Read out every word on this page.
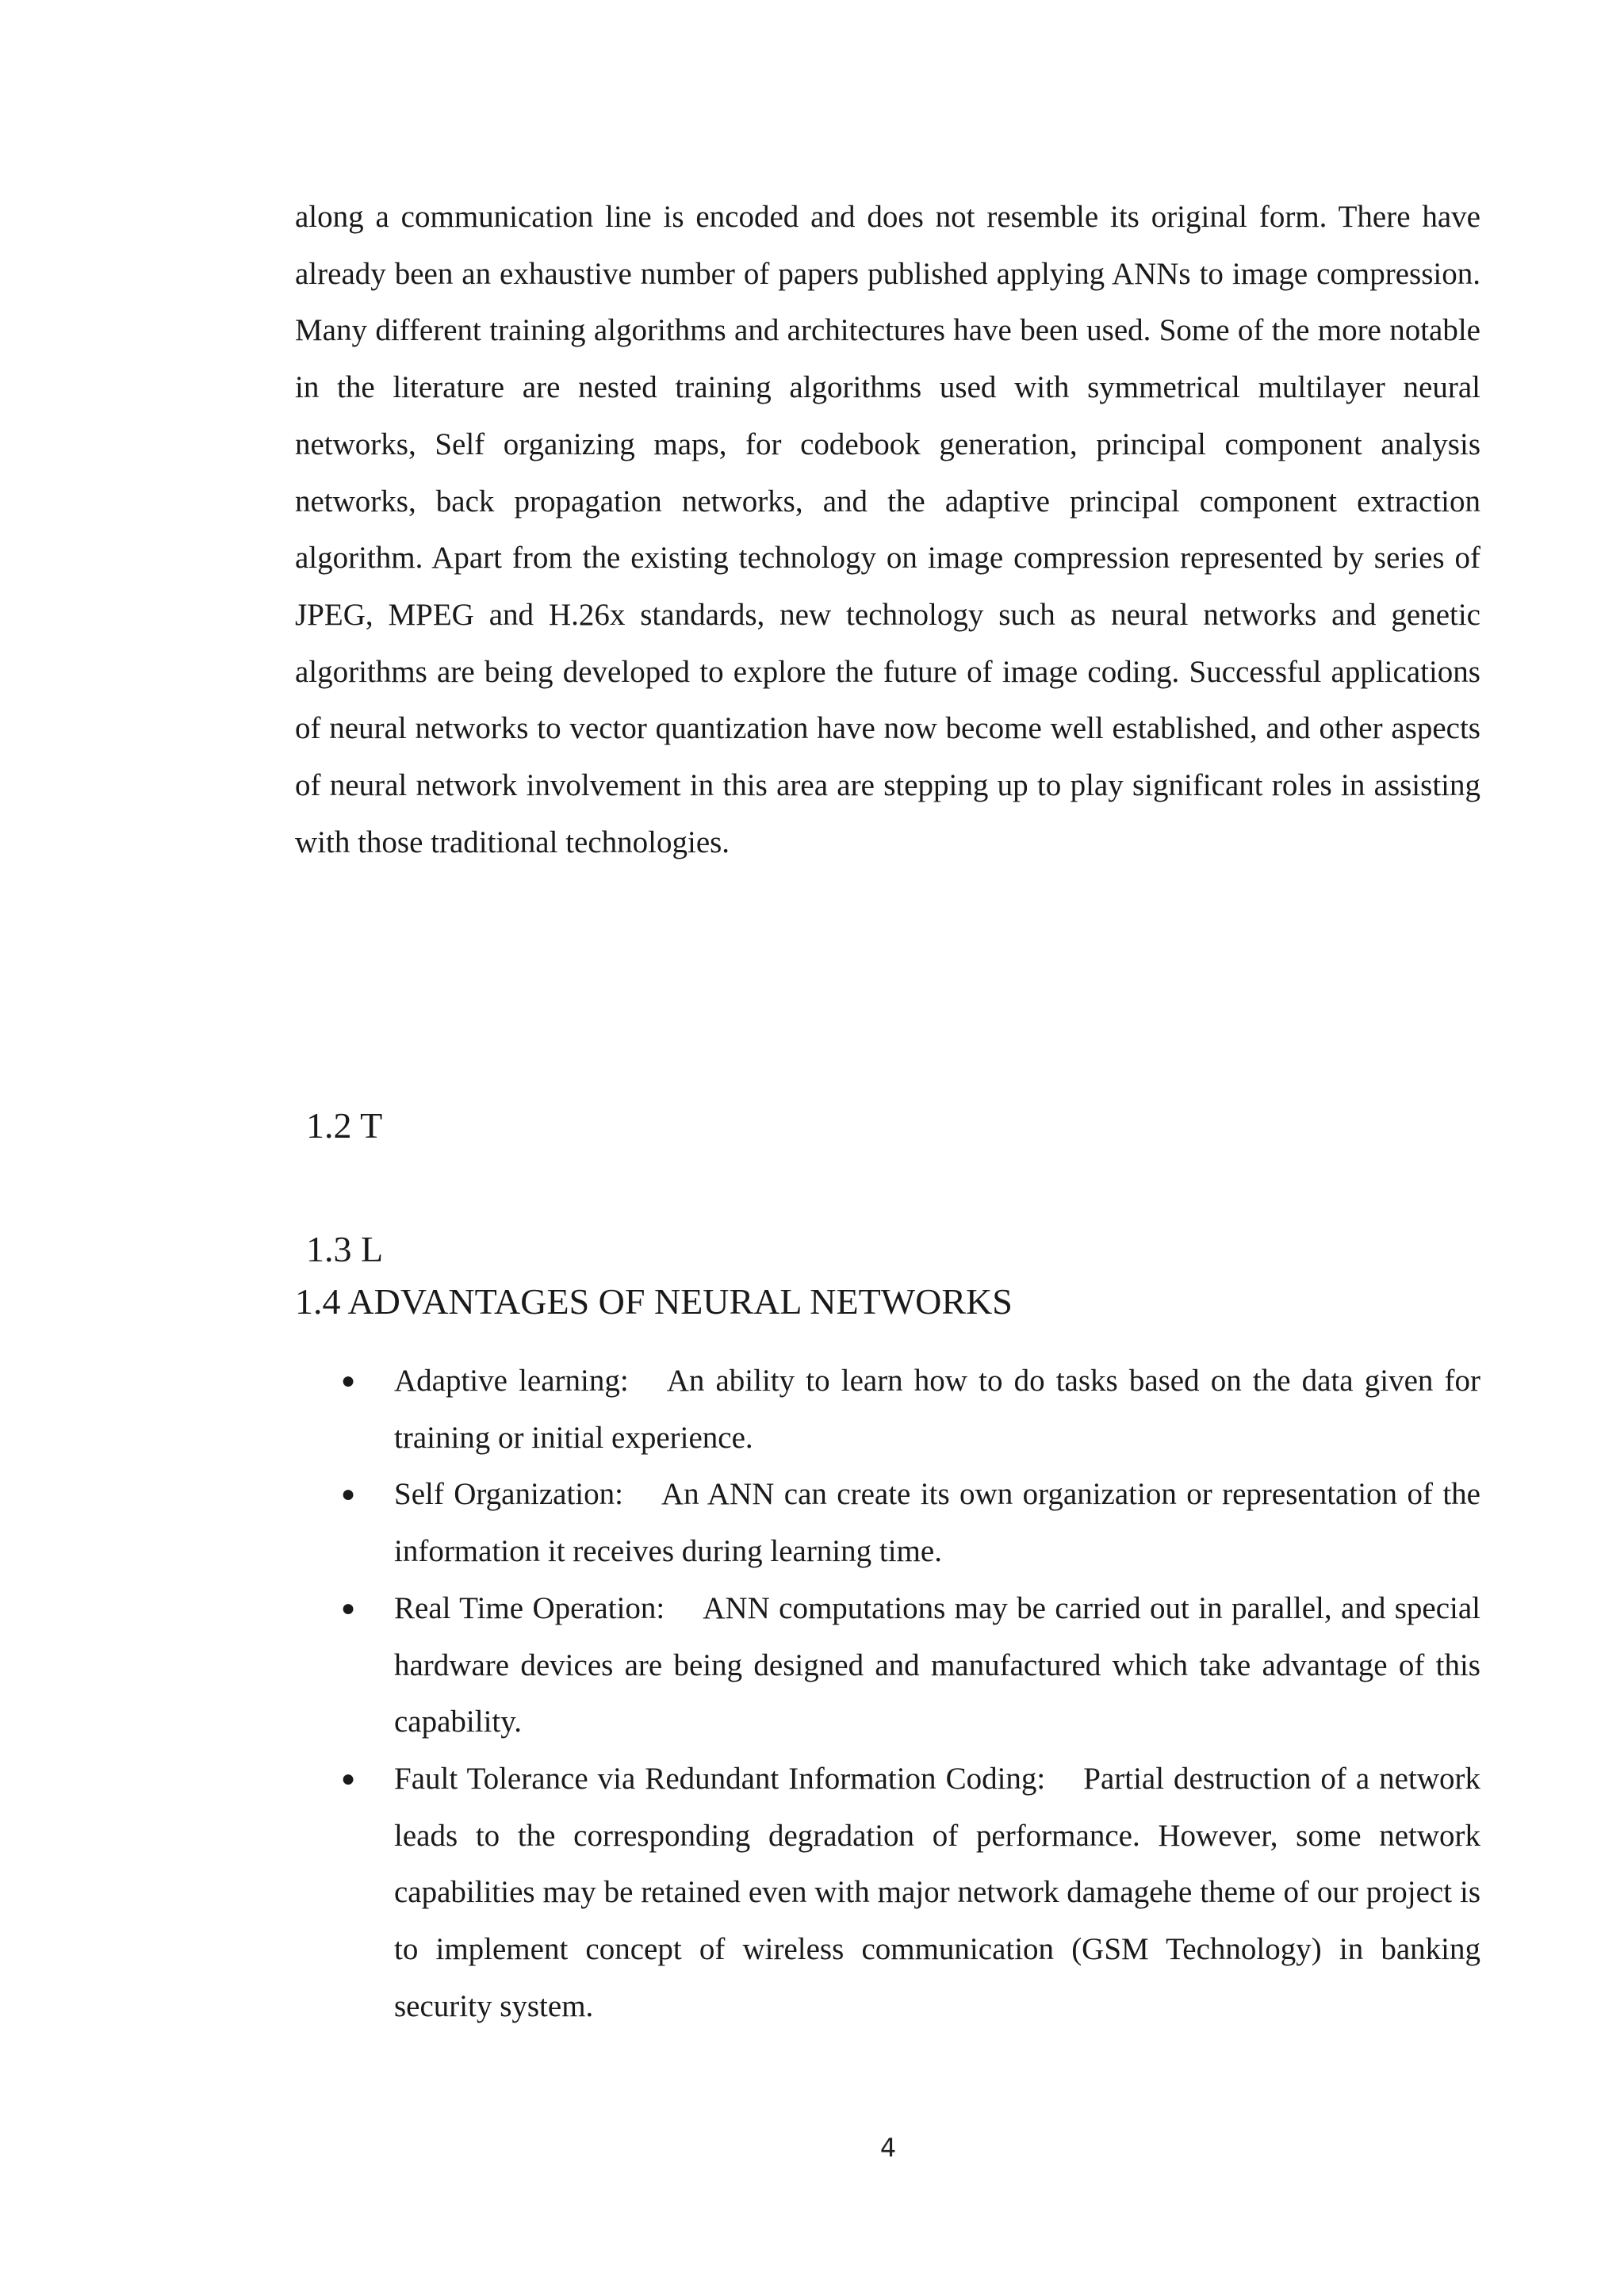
along a communication line is encoded and does not resemble its original form. There have already been an exhaustive number of papers published applying ANNs to image compression. Many different training algorithms and architectures have been used. Some of the more notable in the literature are nested training algorithms used with symmetrical multilayer neural networks, Self organizing maps, for codebook generation, principal component analysis networks, back propagation networks, and the adaptive principal component extraction algorithm. Apart from the existing technology on image compression represented by series of JPEG, MPEG and H.26x standards, new technology such as neural networks and genetic algorithms are being developed to explore the future of image coding. Successful applications of neural networks to vector quantization have now become well established, and other aspects of neural network involvement in this area are stepping up to play significant roles in assisting with those traditional technologies.

1.2 T
1.3 L
1.4 ADVANTAGES OF NEURAL NETWORKS
● Adaptive learning: An ability to learn how to do tasks based on the data given for training or initial experience.
● Self Organization: An ANN can create its own organization or representation of the information it receives during learning time.
● Real Time Operation: ANN computations may be carried out in parallel, and special hardware devices are being designed and manufactured which take advantage of this capability.
● Fault Tolerance via Redundant Information Coding: Partial destruction of a network leads to the corresponding degradation of performance. However, some network capabilities may be retained even with major network damagehe theme of our project is to implement concept of wireless communication (GSM Technology) in banking security system.
4
